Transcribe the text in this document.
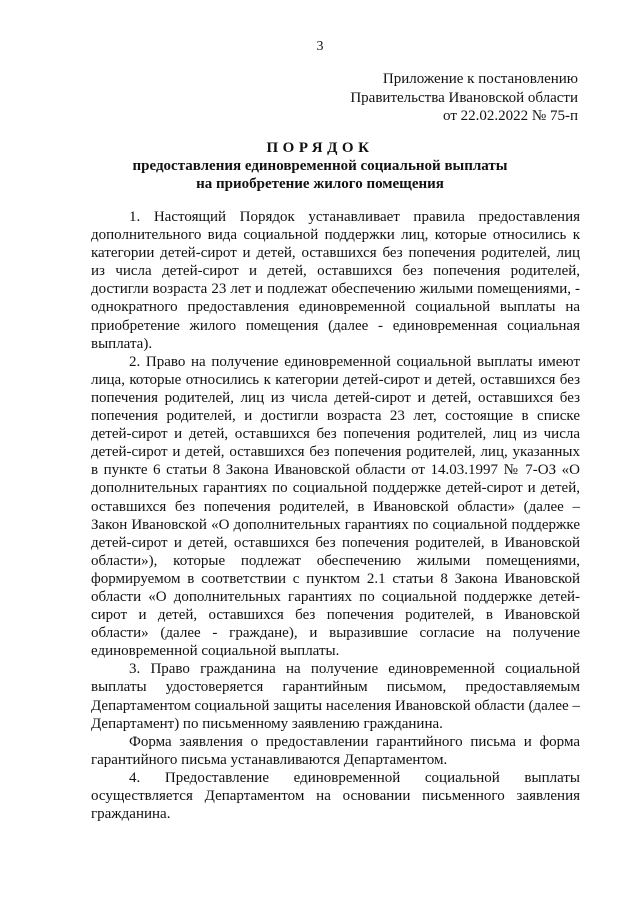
3
Приложение к постановлению
Правительства Ивановской области
от 22.02.2022 № 75-п
ПОРЯДОК
предоставления единовременной социальной выплаты
на приобретение жилого помещения

1. Настоящий Порядок устанавливает правила предоставления дополнительного вида социальной поддержки лиц, которые относились к категории детей-сирот и детей, оставшихся без попечения родителей, лиц из числа детей-сирот и детей, оставшихся без попечения родителей, достигли возраста 23 лет и подлежат обеспечению жилыми помещениями, - однократного предоставления единовременной социальной выплаты на приобретение жилого помещения (далее - единовременная социальная выплата).

2. Право на получение единовременной социальной выплаты имеют лица, которые относились к категории детей-сирот и детей, оставшихся без попечения родителей, лиц из числа детей-сирот и детей, оставшихся без попечения родителей, и достигли возраста 23 лет, состоящие в списке детей-сирот и детей, оставшихся без попечения родителей, лиц из числа детей-сирот и детей, оставшихся без попечения родителей, лиц, указанных в пункте 6 статьи 8 Закона Ивановской области от 14.03.1997 № 7-ОЗ «О дополнительных гарантиях по социальной поддержке детей-сирот и детей, оставшихся без попечения родителей, в Ивановской области» (далее – Закон Ивановской «О дополнительных гарантиях по социальной поддержке детей-сирот и детей, оставшихся без попечения родителей, в Ивановской области»), которые подлежат обеспечению жилыми помещениями, формируемом в соответствии с пунктом 2.1 статьи 8 Закона Ивановской области «О дополнительных гарантиях по социальной поддержке детей-сирот и детей, оставшихся без попечения родителей, в Ивановской области» (далее - граждане), и выразившие согласие на получение единовременной социальной выплаты.

3. Право гражданина на получение единовременной социальной выплаты удостоверяется гарантийным письмом, предоставляемым Департаментом социальной защиты населения Ивановской области (далее – Департамент) по письменному заявлению гражданина.

Форма заявления о предоставлении гарантийного письма и форма гарантийного письма устанавливаются Департаментом.

4. Предоставление единовременной социальной выплаты осуществляется Департаментом на основании письменного заявления гражданина.
